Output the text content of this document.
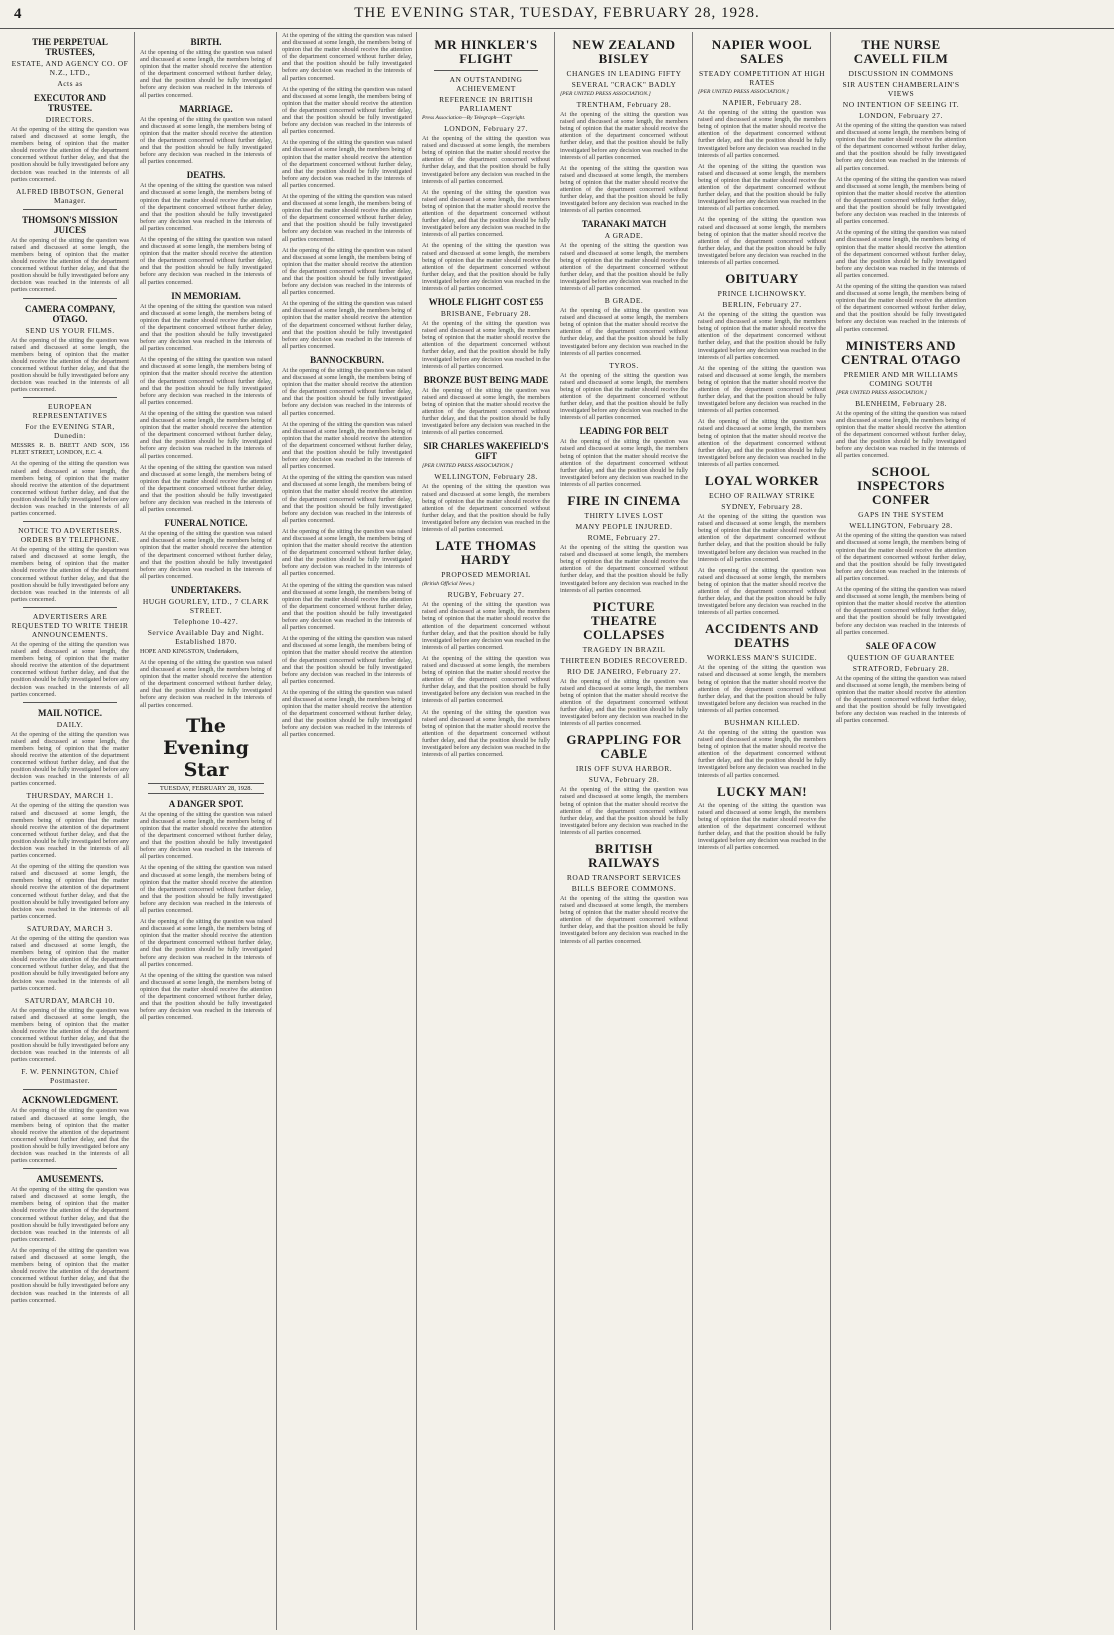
4	THE EVENING STAR, TUESDAY, FEBRUARY 28, 1928.
THE PERPETUAL TRUSTEES,
ESTATE, AND AGENCY CO. OF N.Z., LTD.,
Acts as
EXECUTOR AND TRUSTEE.
DIRECTORS.

At the opening of the sitting the question was raised and discussed at some length, the members being of opinion that the matter should receive the attention of the department concerned without further delay, and that the position should be fully investigated before any decision was reached in the interests of all parties concerned.

ALFRED IBBOTSON, General Manager.
THOMSON'S MISSION JUICES

At the opening of the sitting the question was raised and discussed at some length, the members being of opinion that the matter should receive the attention of the department concerned without further delay, and that the position should be fully investigated before any decision was reached in the interests of all parties concerned.

CAMERA COMPANY, OTAGO.
SEND US YOUR FILMS.

At the opening of the sitting the question was raised and discussed at some length, the members being of opinion that the matter should receive the attention of the department concerned without further delay, and that the position should be fully investigated before any decision was reached in the interests of all parties concerned.

EUROPEAN REPRESENTATIVES
For the EVENING STAR, Dunedin:

MESSRS R. B. BRETT AND SON, 156 FLEET STREET, LONDON, E.C. 4.

At the opening of the sitting the question was raised and discussed at some length, the members being of opinion that the matter should receive the attention of the department concerned without further delay, and that the position should be fully investigated before any decision was reached in the interests of all parties concerned.

NOTICE TO ADVERTISERS. ORDERS BY TELEPHONE.

At the opening of the sitting the question was raised and discussed at some length, the members being of opinion that the matter should receive the attention of the department concerned without further delay, and that the position should be fully investigated before any decision was reached in the interests of all parties concerned.

ADVERTISERS ARE REQUESTED TO WRITE THEIR ANNOUNCEMENTS.

At the opening of the sitting the question was raised and discussed at some length, the members being of opinion that the matter should receive the attention of the department concerned without further delay, and that the position should be fully investigated before any decision was reached in the interests of all parties concerned.

MAIL NOTICE.
DAILY.

At the opening of the sitting the question was raised and discussed at some length, the members being of opinion that the matter should receive the attention of the department concerned without further delay, and that the position should be fully investigated before any decision was reached in the interests of all parties concerned.

THURSDAY, MARCH 1.

At the opening of the sitting the question was raised and discussed at some length, the members being of opinion that the matter should receive the attention of the department concerned without further delay, and that the position should be fully investigated before any decision was reached in the interests of all parties concerned.

At the opening of the sitting the question was raised and discussed at some length, the members being of opinion that the matter should receive the attention of the department concerned without further delay, and that the position should be fully investigated before any decision was reached in the interests of all parties concerned.

SATURDAY, MARCH 3.

At the opening of the sitting the question was raised and discussed at some length, the members being of opinion that the matter should receive the attention of the department concerned without further delay, and that the position should be fully investigated before any decision was reached in the interests of all parties concerned.

SATURDAY, MARCH 10.

At the opening of the sitting the question was raised and discussed at some length, the members being of opinion that the matter should receive the attention of the department concerned without further delay, and that the position should be fully investigated before any decision was reached in the interests of all parties concerned.

F. W. PENNINGTON, Chief Postmaster.
ACKNOWLEDGMENT.

At the opening of the sitting the question was raised and discussed at some length, the members being of opinion that the matter should receive the attention of the department concerned without further delay, and that the position should be fully investigated before any decision was reached in the interests of all parties concerned.

AMUSEMENTS.

At the opening of the sitting the question was raised and discussed at some length, the members being of opinion that the matter should receive the attention of the department concerned without further delay, and that the position should be fully investigated before any decision was reached in the interests of all parties concerned.

At the opening of the sitting the question was raised and discussed at some length, the members being of opinion that the matter should receive the attention of the department concerned without further delay, and that the position should be fully investigated before any decision was reached in the interests of all parties concerned.

BIRTH.

At the opening of the sitting the question was raised and discussed at some length, the members being of opinion that the matter should receive the attention of the department concerned without further delay, and that the position should be fully investigated before any decision was reached in the interests of all parties concerned.

MARRIAGE.

At the opening of the sitting the question was raised and discussed at some length, the members being of opinion that the matter should receive the attention of the department concerned without further delay, and that the position should be fully investigated before any decision was reached in the interests of all parties concerned.

DEATHS.

At the opening of the sitting the question was raised and discussed at some length, the members being of opinion that the matter should receive the attention of the department concerned without further delay, and that the position should be fully investigated before any decision was reached in the interests of all parties concerned.

At the opening of the sitting the question was raised and discussed at some length, the members being of opinion that the matter should receive the attention of the department concerned without further delay, and that the position should be fully investigated before any decision was reached in the interests of all parties concerned.

IN MEMORIAM.

At the opening of the sitting the question was raised and discussed at some length, the members being of opinion that the matter should receive the attention of the department concerned without further delay, and that the position should be fully investigated before any decision was reached in the interests of all parties concerned.

At the opening of the sitting the question was raised and discussed at some length, the members being of opinion that the matter should receive the attention of the department concerned without further delay, and that the position should be fully investigated before any decision was reached in the interests of all parties concerned.

At the opening of the sitting the question was raised and discussed at some length, the members being of opinion that the matter should receive the attention of the department concerned without further delay, and that the position should be fully investigated before any decision was reached in the interests of all parties concerned.

At the opening of the sitting the question was raised and discussed at some length, the members being of opinion that the matter should receive the attention of the department concerned without further delay, and that the position should be fully investigated before any decision was reached in the interests of all parties concerned.

FUNERAL NOTICE.

At the opening of the sitting the question was raised and discussed at some length, the members being of opinion that the matter should receive the attention of the department concerned without further delay, and that the position should be fully investigated before any decision was reached in the interests of all parties concerned.

UNDERTAKERS.
HUGH GOURLEY, LTD., 7 CLARK STREET.
Telephone 10-427.
Service Available Day and Night. Established 1870.

HOPE AND KINGSTON, Undertakers,

At the opening of the sitting the question was raised and discussed at some length, the members being of opinion that the matter should receive the attention of the department concerned without further delay, and that the position should be fully investigated before any decision was reached in the interests of all parties concerned.

The Evening Star
TUESDAY, FEBRUARY 28, 1928.
A DANGER SPOT.

At the opening of the sitting the question was raised and discussed at some length, the members being of opinion that the matter should receive the attention of the department concerned without further delay, and that the position should be fully investigated before any decision was reached in the interests of all parties concerned.

At the opening of the sitting the question was raised and discussed at some length, the members being of opinion that the matter should receive the attention of the department concerned without further delay, and that the position should be fully investigated before any decision was reached in the interests of all parties concerned.

At the opening of the sitting the question was raised and discussed at some length, the members being of opinion that the matter should receive the attention of the department concerned without further delay, and that the position should be fully investigated before any decision was reached in the interests of all parties concerned.

At the opening of the sitting the question was raised and discussed at some length, the members being of opinion that the matter should receive the attention of the department concerned without further delay, and that the position should be fully investigated before any decision was reached in the interests of all parties concerned.

At the opening of the sitting the question was raised and discussed at some length, the members being of opinion that the matter should receive the attention of the department concerned without further delay, and that the position should be fully investigated before any decision was reached in the interests of all parties concerned.

At the opening of the sitting the question was raised and discussed at some length, the members being of opinion that the matter should receive the attention of the department concerned without further delay, and that the position should be fully investigated before any decision was reached in the interests of all parties concerned.

At the opening of the sitting the question was raised and discussed at some length, the members being of opinion that the matter should receive the attention of the department concerned without further delay, and that the position should be fully investigated before any decision was reached in the interests of all parties concerned.

At the opening of the sitting the question was raised and discussed at some length, the members being of opinion that the matter should receive the attention of the department concerned without further delay, and that the position should be fully investigated before any decision was reached in the interests of all parties concerned.

At the opening of the sitting the question was raised and discussed at some length, the members being of opinion that the matter should receive the attention of the department concerned without further delay, and that the position should be fully investigated before any decision was reached in the interests of all parties concerned.

At the opening of the sitting the question was raised and discussed at some length, the members being of opinion that the matter should receive the attention of the department concerned without further delay, and that the position should be fully investigated before any decision was reached in the interests of all parties concerned.

BANNOCKBURN.

At the opening of the sitting the question was raised and discussed at some length, the members being of opinion that the matter should receive the attention of the department concerned without further delay, and that the position should be fully investigated before any decision was reached in the interests of all parties concerned.

At the opening of the sitting the question was raised and discussed at some length, the members being of opinion that the matter should receive the attention of the department concerned without further delay, and that the position should be fully investigated before any decision was reached in the interests of all parties concerned.

At the opening of the sitting the question was raised and discussed at some length, the members being of opinion that the matter should receive the attention of the department concerned without further delay, and that the position should be fully investigated before any decision was reached in the interests of all parties concerned.

At the opening of the sitting the question was raised and discussed at some length, the members being of opinion that the matter should receive the attention of the department concerned without further delay, and that the position should be fully investigated before any decision was reached in the interests of all parties concerned.

At the opening of the sitting the question was raised and discussed at some length, the members being of opinion that the matter should receive the attention of the department concerned without further delay, and that the position should be fully investigated before any decision was reached in the interests of all parties concerned.

At the opening of the sitting the question was raised and discussed at some length, the members being of opinion that the matter should receive the attention of the department concerned without further delay, and that the position should be fully investigated before any decision was reached in the interests of all parties concerned.

At the opening of the sitting the question was raised and discussed at some length, the members being of opinion that the matter should receive the attention of the department concerned without further delay, and that the position should be fully investigated before any decision was reached in the interests of all parties concerned.

MR HINKLER'S FLIGHT
AN OUTSTANDING ACHIEVEMENT
REFERENCE IN BRITISH PARLIAMENT
Press Association—By Telegraph—Copyright.
LONDON, February 27.

At the opening of the sitting the question was raised and discussed at some length, the members being of opinion that the matter should receive the attention of the department concerned without further delay, and that the position should be fully investigated before any decision was reached in the interests of all parties concerned.

At the opening of the sitting the question was raised and discussed at some length, the members being of opinion that the matter should receive the attention of the department concerned without further delay, and that the position should be fully investigated before any decision was reached in the interests of all parties concerned.

At the opening of the sitting the question was raised and discussed at some length, the members being of opinion that the matter should receive the attention of the department concerned without further delay, and that the position should be fully investigated before any decision was reached in the interests of all parties concerned.

WHOLE FLIGHT COST £55
BRISBANE, February 28.

At the opening of the sitting the question was raised and discussed at some length, the members being of opinion that the matter should receive the attention of the department concerned without further delay, and that the position should be fully investigated before any decision was reached in the interests of all parties concerned.

BRONZE BUST BEING MADE

At the opening of the sitting the question was raised and discussed at some length, the members being of opinion that the matter should receive the attention of the department concerned without further delay, and that the position should be fully investigated before any decision was reached in the interests of all parties concerned.

SIR CHARLES WAKEFIELD'S GIFT
[PER UNITED PRESS ASSOCIATION.]
WELLINGTON, February 28.

At the opening of the sitting the question was raised and discussed at some length, the members being of opinion that the matter should receive the attention of the department concerned without further delay, and that the position should be fully investigated before any decision was reached in the interests of all parties concerned.

LATE THOMAS HARDY
PROPOSED MEMORIAL
(British Official News.)
RUGBY, February 27.

At the opening of the sitting the question was raised and discussed at some length, the members being of opinion that the matter should receive the attention of the department concerned without further delay, and that the position should be fully investigated before any decision was reached in the interests of all parties concerned.

At the opening of the sitting the question was raised and discussed at some length, the members being of opinion that the matter should receive the attention of the department concerned without further delay, and that the position should be fully investigated before any decision was reached in the interests of all parties concerned.

At the opening of the sitting the question was raised and discussed at some length, the members being of opinion that the matter should receive the attention of the department concerned without further delay, and that the position should be fully investigated before any decision was reached in the interests of all parties concerned.

NEW ZEALAND BISLEY
CHANGES IN LEADING FIFTY
SEVERAL "CRACK" BADLY
[PER UNITED PRESS ASSOCIATION.]
TRENTHAM, February 28.

At the opening of the sitting the question was raised and discussed at some length, the members being of opinion that the matter should receive the attention of the department concerned without further delay, and that the position should be fully investigated before any decision was reached in the interests of all parties concerned.

At the opening of the sitting the question was raised and discussed at some length, the members being of opinion that the matter should receive the attention of the department concerned without further delay, and that the position should be fully investigated before any decision was reached in the interests of all parties concerned.

TARANAKI MATCH
A GRADE.

At the opening of the sitting the question was raised and discussed at some length, the members being of opinion that the matter should receive the attention of the department concerned without further delay, and that the position should be fully investigated before any decision was reached in the interests of all parties concerned.

B GRADE.

At the opening of the sitting the question was raised and discussed at some length, the members being of opinion that the matter should receive the attention of the department concerned without further delay, and that the position should be fully investigated before any decision was reached in the interests of all parties concerned.

TYROS.

At the opening of the sitting the question was raised and discussed at some length, the members being of opinion that the matter should receive the attention of the department concerned without further delay, and that the position should be fully investigated before any decision was reached in the interests of all parties concerned.

LEADING FOR BELT

At the opening of the sitting the question was raised and discussed at some length, the members being of opinion that the matter should receive the attention of the department concerned without further delay, and that the position should be fully investigated before any decision was reached in the interests of all parties concerned.

FIRE IN CINEMA
THIRTY LIVES LOST
MANY PEOPLE INJURED.
ROME, February 27.

At the opening of the sitting the question was raised and discussed at some length, the members being of opinion that the matter should receive the attention of the department concerned without further delay, and that the position should be fully investigated before any decision was reached in the interests of all parties concerned.

PICTURE THEATRE COLLAPSES
TRAGEDY IN BRAZIL
THIRTEEN BODIES RECOVERED.
RIO DE JANEIRO, February 27.

At the opening of the sitting the question was raised and discussed at some length, the members being of opinion that the matter should receive the attention of the department concerned without further delay, and that the position should be fully investigated before any decision was reached in the interests of all parties concerned.

GRAPPLING FOR CABLE
IRIS OFF SUVA HARBOR.
SUVA, February 28.

At the opening of the sitting the question was raised and discussed at some length, the members being of opinion that the matter should receive the attention of the department concerned without further delay, and that the position should be fully investigated before any decision was reached in the interests of all parties concerned.

BRITISH RAILWAYS
ROAD TRANSPORT SERVICES
BILLS BEFORE COMMONS.

At the opening of the sitting the question was raised and discussed at some length, the members being of opinion that the matter should receive the attention of the department concerned without further delay, and that the position should be fully investigated before any decision was reached in the interests of all parties concerned.

NAPIER WOOL SALES
STEADY COMPETITION AT HIGH RATES
[PER UNITED PRESS ASSOCIATION.]
NAPIER, February 28.

At the opening of the sitting the question was raised and discussed at some length, the members being of opinion that the matter should receive the attention of the department concerned without further delay, and that the position should be fully investigated before any decision was reached in the interests of all parties concerned.

At the opening of the sitting the question was raised and discussed at some length, the members being of opinion that the matter should receive the attention of the department concerned without further delay, and that the position should be fully investigated before any decision was reached in the interests of all parties concerned.

At the opening of the sitting the question was raised and discussed at some length, the members being of opinion that the matter should receive the attention of the department concerned without further delay, and that the position should be fully investigated before any decision was reached in the interests of all parties concerned.

OBITUARY
PRINCE LICHNOWSKY.
BERLIN, February 27.

At the opening of the sitting the question was raised and discussed at some length, the members being of opinion that the matter should receive the attention of the department concerned without further delay, and that the position should be fully investigated before any decision was reached in the interests of all parties concerned.

At the opening of the sitting the question was raised and discussed at some length, the members being of opinion that the matter should receive the attention of the department concerned without further delay, and that the position should be fully investigated before any decision was reached in the interests of all parties concerned.

At the opening of the sitting the question was raised and discussed at some length, the members being of opinion that the matter should receive the attention of the department concerned without further delay, and that the position should be fully investigated before any decision was reached in the interests of all parties concerned.

LOYAL WORKER
ECHO OF RAILWAY STRIKE
SYDNEY, February 28.

At the opening of the sitting the question was raised and discussed at some length, the members being of opinion that the matter should receive the attention of the department concerned without further delay, and that the position should be fully investigated before any decision was reached in the interests of all parties concerned.

At the opening of the sitting the question was raised and discussed at some length, the members being of opinion that the matter should receive the attention of the department concerned without further delay, and that the position should be fully investigated before any decision was reached in the interests of all parties concerned.

ACCIDENTS AND DEATHS
WORKLESS MAN'S SUICIDE.

At the opening of the sitting the question was raised and discussed at some length, the members being of opinion that the matter should receive the attention of the department concerned without further delay, and that the position should be fully investigated before any decision was reached in the interests of all parties concerned.

BUSHMAN KILLED.

At the opening of the sitting the question was raised and discussed at some length, the members being of opinion that the matter should receive the attention of the department concerned without further delay, and that the position should be fully investigated before any decision was reached in the interests of all parties concerned.

LUCKY MAN!

At the opening of the sitting the question was raised and discussed at some length, the members being of opinion that the matter should receive the attention of the department concerned without further delay, and that the position should be fully investigated before any decision was reached in the interests of all parties concerned.

THE NURSE CAVELL FILM
DISCUSSION IN COMMONS
SIR AUSTEN CHAMBERLAIN'S VIEWS
NO INTENTION OF SEEING IT.
LONDON, February 27.

At the opening of the sitting the question was raised and discussed at some length, the members being of opinion that the matter should receive the attention of the department concerned without further delay, and that the position should be fully investigated before any decision was reached in the interests of all parties concerned.

At the opening of the sitting the question was raised and discussed at some length, the members being of opinion that the matter should receive the attention of the department concerned without further delay, and that the position should be fully investigated before any decision was reached in the interests of all parties concerned.

At the opening of the sitting the question was raised and discussed at some length, the members being of opinion that the matter should receive the attention of the department concerned without further delay, and that the position should be fully investigated before any decision was reached in the interests of all parties concerned.

At the opening of the sitting the question was raised and discussed at some length, the members being of opinion that the matter should receive the attention of the department concerned without further delay, and that the position should be fully investigated before any decision was reached in the interests of all parties concerned.

MINISTERS AND CENTRAL OTAGO
PREMIER AND MR WILLIAMS COMING SOUTH
[PER UNITED PRESS ASSOCIATION.]
BLENHEIM, February 28.

At the opening of the sitting the question was raised and discussed at some length, the members being of opinion that the matter should receive the attention of the department concerned without further delay, and that the position should be fully investigated before any decision was reached in the interests of all parties concerned.

SCHOOL INSPECTORS CONFER
GAPS IN THE SYSTEM
WELLINGTON, February 28.

At the opening of the sitting the question was raised and discussed at some length, the members being of opinion that the matter should receive the attention of the department concerned without further delay, and that the position should be fully investigated before any decision was reached in the interests of all parties concerned.

At the opening of the sitting the question was raised and discussed at some length, the members being of opinion that the matter should receive the attention of the department concerned without further delay, and that the position should be fully investigated before any decision was reached in the interests of all parties concerned.

SALE OF A COW
QUESTION OF GUARANTEE
STRATFORD, February 28.

At the opening of the sitting the question was raised and discussed at some length, the members being of opinion that the matter should receive the attention of the department concerned without further delay, and that the position should be fully investigated before any decision was reached in the interests of all parties concerned.
